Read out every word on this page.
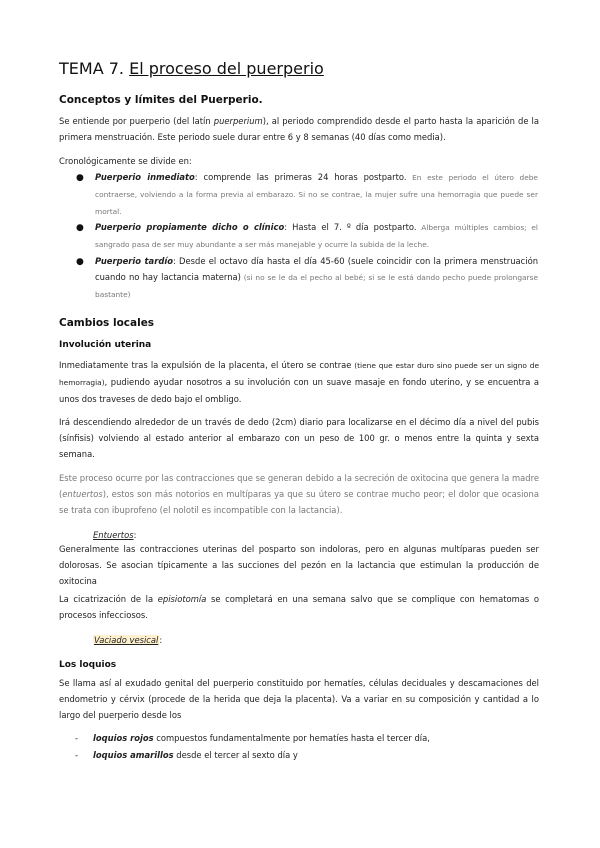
TEMA 7. El proceso del puerperio
Conceptos y límites del Puerperio.

Se entiende por puerperio (del latín puerperium), al periodo comprendido desde el parto hasta la aparición de la primera menstruación. Este periodo suele durar entre 6 y 8 semanas (40 días como media).

Cronológicamente se divide en:

● Puerperio inmediato: comprende las primeras 24 horas postparto. En este periodo el útero debe contraerse, volviendo a la forma previa al embarazo. Si no se contrae, la mujer sufre una hemorragia que puede ser mortal.

● Puerperio propiamente dicho o clínico: Hasta el 7. º día postparto. Alberga múltiples cambios; el sangrado pasa de ser muy abundante a ser más manejable y ocurre la subida de la leche.

● Puerperio tardío: Desde el octavo día hasta el día 45-60 (suele coincidir con la primera menstruación cuando no hay lactancia materna) (si no se le da el pecho al bebé; si se le está dando pecho puede prolongarse bastante)

Cambios locales
Involución uterina

Inmediatamente tras la expulsión de la placenta, el útero se contrae (tiene que estar duro sino puede ser un signo de hemorragia), pudiendo ayudar nosotros a su involución con un suave masaje en fondo uterino, y se encuentra a unos dos traveses de dedo bajo el ombligo.

Irá descendiendo alrededor de un través de dedo (2cm) diario para localizarse en el décimo día a nivel del pubis (sínfisis) volviendo al estado anterior al embarazo con un peso de 100 gr. o menos entre la quinta y sexta semana.

Este proceso ocurre por las contracciones que se generan debido a la secreción de oxitocina que genera la madre (entuertos), estos son más notorios en multíparas ya que su útero se contrae mucho peor; el dolor que ocasiona se trata con ibuprofeno (el nolotil es incompatible con la lactancia).

Entuertos:

Generalmente las contracciones uterinas del posparto son indoloras, pero en algunas multíparas pueden ser dolorosas. Se asocian típicamente a las succiones del pezón en la lactancia que estimulan la producción de oxitocina

La cicatrización de la episiotomía se completará en una semana salvo que se complique con hematomas o procesos infecciosos.

Vaciado vesical:

Los loquios

Se llama así al exudado genital del puerperio constituido por hematíes, células deciduales y descamaciones del endometrio y cérvix (procede de la herida que deja la placenta). Va a variar en su composición y cantidad a lo largo del puerperio desde los

- loquios rojos compuestos fundamentalmente por hematíes hasta el tercer día,

- loquios amarillos desde el tercer al sexto día y
